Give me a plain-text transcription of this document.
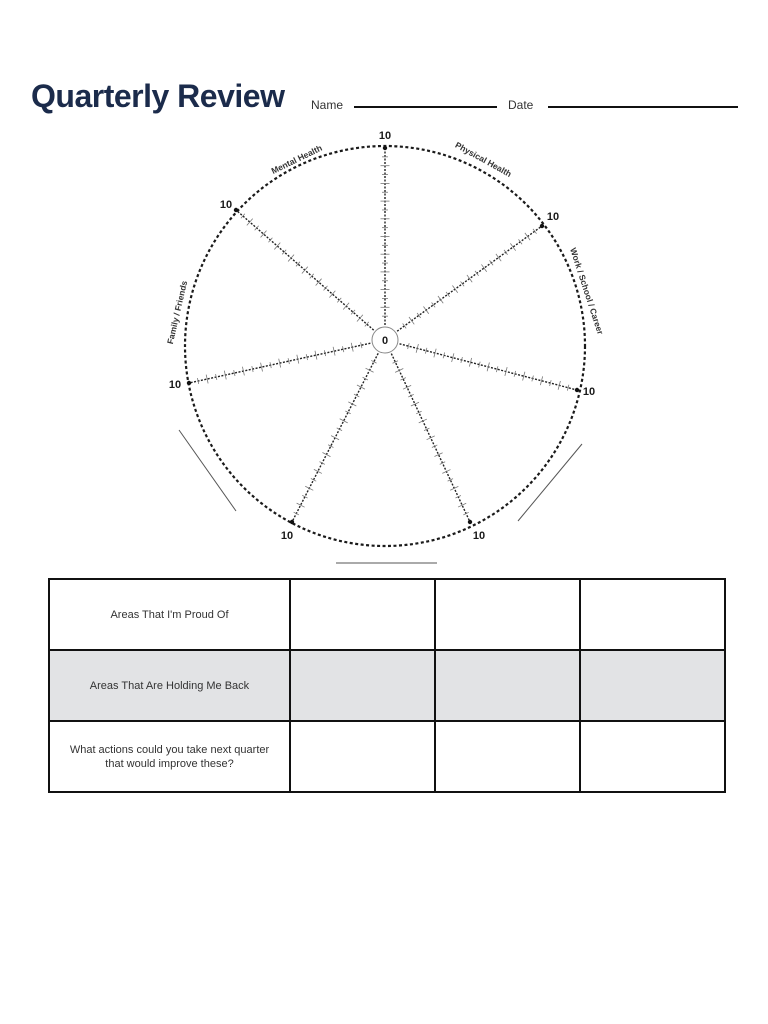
Quarterly Review Name	Date
0
10
10
10
10
10
10	10
Mental Health	Physical Health
Work / School / Career
Family / Friends
Areas That I'm Proud Of			
Areas That Are Holding Me Back			
What actions could you take next quarter that would improve these?			
